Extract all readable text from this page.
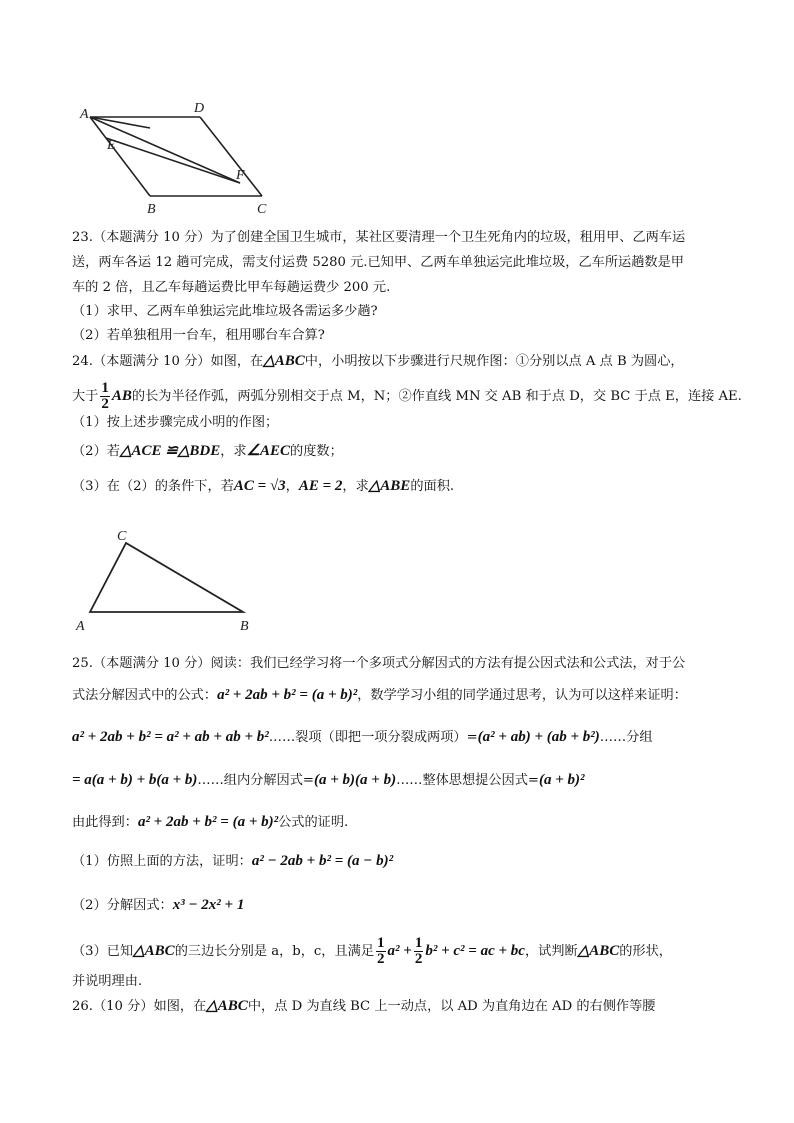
A	D
E
F
B	C
C
A	B
23.（本题满分 10 分）为了创建全国卫生城市，某社区要清理一个卫生死角内的垃圾，租用甲、乙两车运
送，两车各运 12 趟可完成，需支付运费 5280 元.已知甲、乙两车单独运完此堆垃圾，乙车所运趟数是甲
车的 2 倍，且乙车每趟运费比甲车每趟运费少 200 元.
（1）求甲、乙两车单独运完此堆垃圾各需运多少趟?
（2）若单独租用一台车，租用哪台车合算?
24.（本题满分 10 分）如图，在△ABC中，小明按以下步骤进行尺规作图：①分别以点 A 点 B 为圆心，
大于 $\frac{1}{2}$ AB的长为半径作弧，两弧分别相交于点 M，N；②作直线 MN 交 AB 和于点 D，交 BC 于点 E，连接 AE.
（1）按上述步骤完成小明的作图；
（2）若△ACE ≌△BDE，求∠AEC的度数；
（3）在（2）的条件下，若AC = √3，AE = 2，求△ABE的面积.
25.（本题满分 10 分）阅读：我们已经学习将一个多项式分解因式的方法有提公因式法和公式法，对于公
式法分解因式中的公式：a² + 2ab + b² = (a + b)²，数学学习小组的同学通过思考，认为可以这样来证明：
a² + 2ab + b² = a² + ab + ab + b²……裂项（即把一项分裂成两项）=(a² + ab) + (ab + b²)……分组
= a(a + b) + b(a + b)……组内分解因式=(a + b)(a + b)……整体思想提公因式=(a + b)²
由此得到：a² + 2ab + b² = (a + b)²公式的证明.
（1）仿照上面的方法，证明：a² − 2ab + b² = (a − b)²
（2）分解因式：x³ − 2x² + 1
（3）已知△ABC的三边长分别是 a，b，c，且满足 $\frac{1}{2} a^2 + \frac{1}{2} b^2 + c^2$ = ac + bc，试判断△ABC的形状，
并说明理由.
26.（10 分）如图，在△ABC中，点 D 为直线 BC 上一动点，以 AD 为直角边在 AD 的右侧作等腰
